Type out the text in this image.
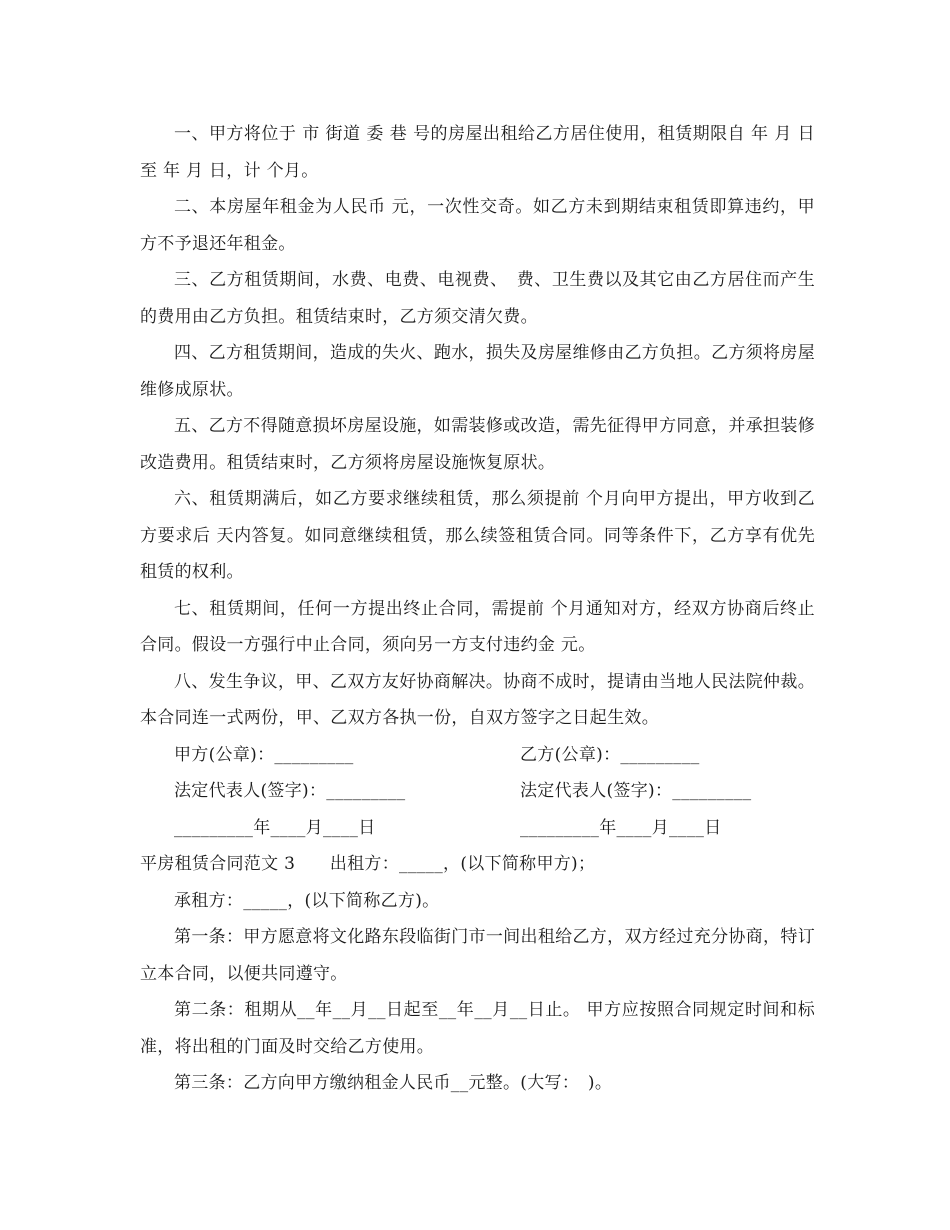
一、甲方将位于 市 街道 委 巷 号的房屋出租给乙方居住使用，租赁期限自 年 月 日至 年 月 日，计 个月。

二、本房屋年租金为人民币 元，一次性交奇。如乙方未到期结束租赁即算违约，甲方不予退还年租金。

三、乙方租赁期间，水费、电费、电视费、　费、卫生费以及其它由乙方居住而产生的费用由乙方负担。租赁结束时，乙方须交清欠费。

四、乙方租赁期间，造成的失火、跑水，损失及房屋维修由乙方负担。乙方须将房屋维修成原状。

五、乙方不得随意损坏房屋设施，如需装修或改造，需先征得甲方同意，并承担装修改造费用。租赁结束时，乙方须将房屋设施恢复原状。

六、租赁期满后，如乙方要求继续租赁，那么须提前 个月向甲方提出，甲方收到乙方要求后 天内答复。如同意继续租赁，那么续签租赁合同。同等条件下，乙方享有优先租赁的权利。

七、租赁期间，任何一方提出终止合同，需提前 个月通知对方，经双方协商后终止合同。假设一方强行中止合同，须向另一方支付违约金 元。

八、发生争议，甲、乙双方友好协商解决。协商不成时，提请由当地人民法院仲裁。本合同连一式两份，甲、乙双方各执一份，自双方签字之日起生效。

甲方(公章)：_________

	乙方(公章)：_________

法定代表人(签字)：_________

	法定代表人(签字)：_________

_________年____月____日

	_________年____月____日

平房租赁合同范文 3　　出租方：_____，(以下简称甲方)；

承租方：_____，(以下简称乙方)。

第一条：甲方愿意将文化路东段临街门市一间出租给乙方，双方经过充分协商，特订立本合同，以便共同遵守。

第二条：租期从__年__月__日起至__年__月__日止。 甲方应按照合同规定时间和标准，将出租的门面及时交给乙方使用。

第三条：乙方向甲方缴纳租金人民币__元整。(大写：　)。
